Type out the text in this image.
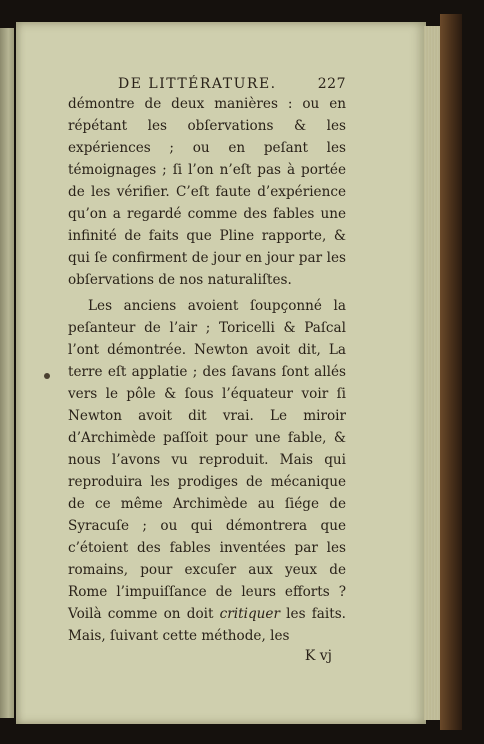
DE LITTÉRATURE.	227

démontre de deux manières : ou en répétant les obſervations & les expériences ; ou en peſant les témoignages ; ſi l’on n’eſt pas à portée de les vérifier. C’eſt faute d’expérience qu’on a regardé comme des fables une infinité de faits que Pline rapporte, & qui ſe confirment de jour en jour par les obſervations de nos naturaliſtes.

Les anciens avoient ſoupçonné la peſanteur de l’air ; Toricelli & Paſcal l’ont démontrée. Newton avoit dit, La terre eſt applatie ; des ſavans ſont allés vers le pôle & ſous l’équateur voir ſi Newton avoit dit vrai. Le miroir d’Archimède paſſoit pour une fable, & nous l’avons vu reproduit. Mais qui reproduira les prodiges de mécanique de ce même Archimède au ſiége de Syracuſe ; ou qui démontrera que c’étoient des fables inventées par les romains, pour excuſer aux yeux de Rome l’impuiſſance de leurs efforts ? Voilà comme on doit critiquer les faits. Mais, ſuivant cette méthode, les

K vj
